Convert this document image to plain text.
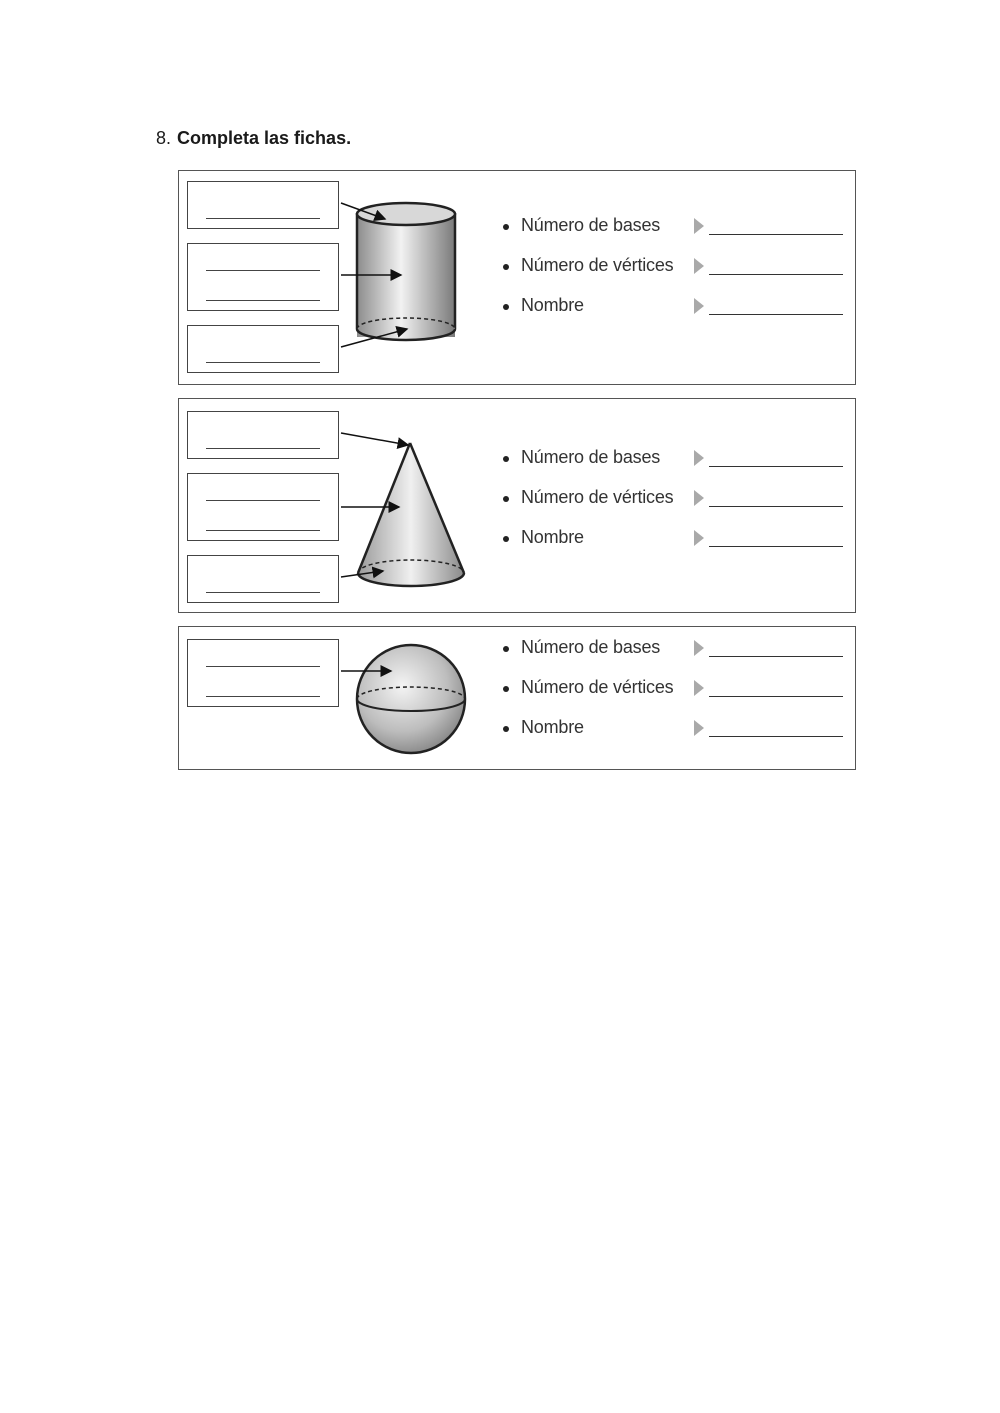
8. Completa las fichas.
Número de bases
Número de vértices
Nombre
Número de bases
Número de vértices
Nombre
Número de bases
Número de vértices
Nombre
